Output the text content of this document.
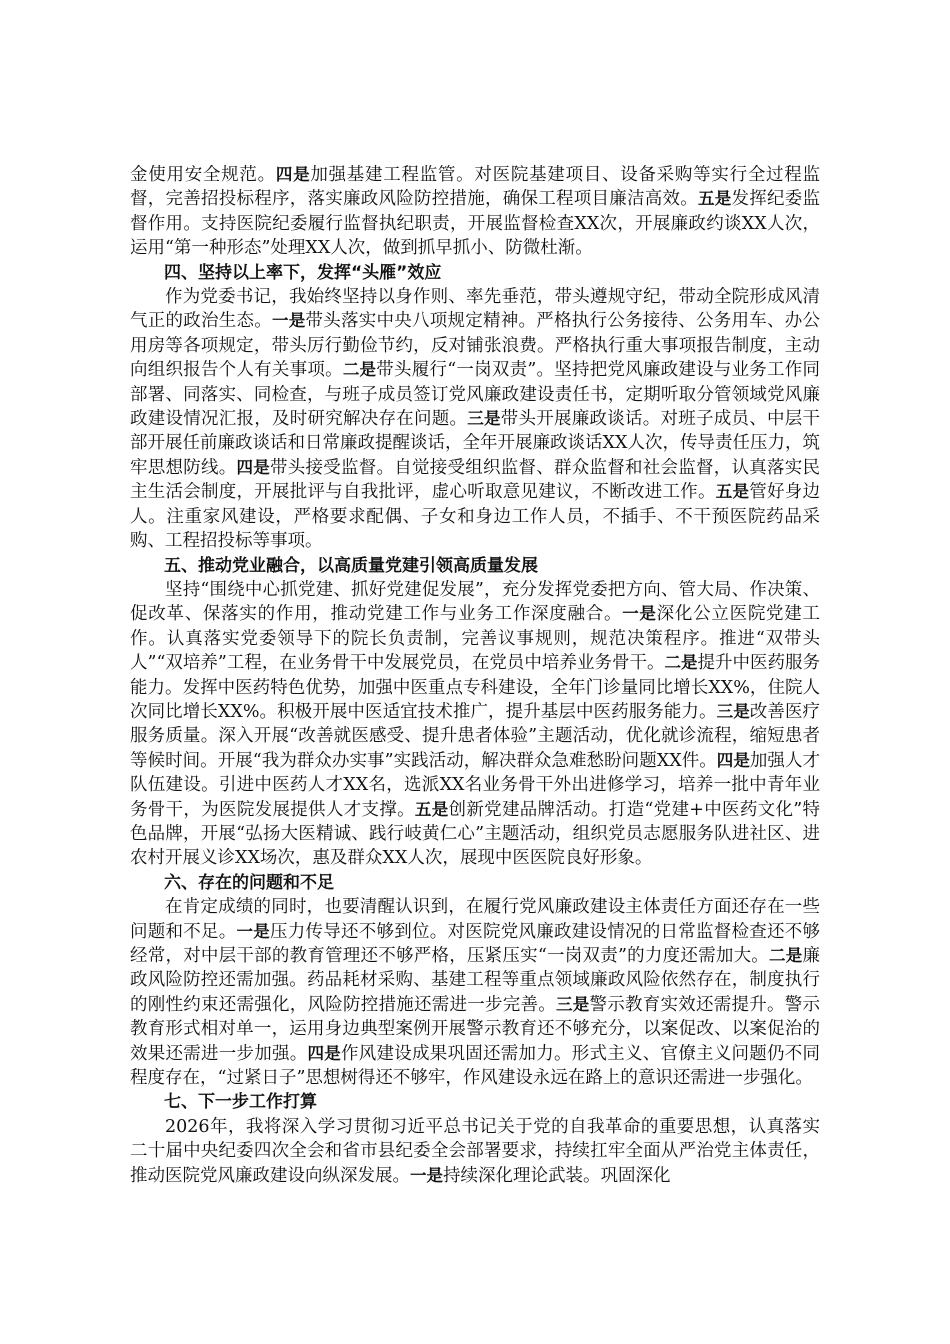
金使用安全规范。四是加强基建工程监管。对医院基建项目、设备采购等实行全过程监督，完善招投标程序，落实廉政风险防控措施，确保工程项目廉洁高效。五是发挥纪委监督作用。支持医院纪委履行监督执纪职责，开展监督检查XX次，开展廉政约谈XX人次，运用“第一种形态”处理XX人次，做到抓早抓小、防微杜渐。

四、坚持以上率下，发挥“头雁”效应

作为党委书记，我始终坚持以身作则、率先垂范，带头遵规守纪，带动全院形成风清气正的政治生态。一是带头落实中央八项规定精神。严格执行公务接待、公务用车、办公用房等各项规定，带头厉行勤俭节约，反对铺张浪费。严格执行重大事项报告制度，主动向组织报告个人有关事项。二是带头履行“一岗双责”。坚持把党风廉政建设与业务工作同部署、同落实、同检查，与班子成员签订党风廉政建设责任书，定期听取分管领域党风廉政建设情况汇报，及时研究解决存在问题。三是带头开展廉政谈话。对班子成员、中层干部开展任前廉政谈话和日常廉政提醒谈话，全年开展廉政谈话XX人次，传导责任压力，筑牢思想防线。四是带头接受监督。自觉接受组织监督、群众监督和社会监督，认真落实民主生活会制度，开展批评与自我批评，虚心听取意见建议，不断改进工作。五是管好身边人。注重家风建设，严格要求配偶、子女和身边工作人员，不插手、不干预医院药品采购、工程招投标等事项。

五、推动党业融合，以高质量党建引领高质量发展

坚持“围绕中心抓党建、抓好党建促发展”，充分发挥党委把方向、管大局、作决策、促改革、保落实的作用，推动党建工作与业务工作深度融合。一是深化公立医院党建工作。认真落实党委领导下的院长负责制，完善议事规则，规范决策程序。推进“双带头人”“双培养”工程，在业务骨干中发展党员，在党员中培养业务骨干。二是提升中医药服务能力。发挥中医药特色优势，加强中医重点专科建设，全年门诊量同比增长XX%，住院人次同比增长XX%。积极开展中医适宜技术推广，提升基层中医药服务能力。三是改善医疗服务质量。深入开展“改善就医感受、提升患者体验”主题活动，优化就诊流程，缩短患者等候时间。开展“我为群众办实事”实践活动，解决群众急难愁盼问题XX件。四是加强人才队伍建设。引进中医药人才XX名，选派XX名业务骨干外出进修学习，培养一批中青年业务骨干，为医院发展提供人才支撑。五是创新党建品牌活动。打造“党建+中医药文化”特色品牌，开展“弘扬大医精诚、践行岐黄仁心”主题活动，组织党员志愿服务队进社区、进农村开展义诊XX场次，惠及群众XX人次，展现中医医院良好形象。

六、存在的问题和不足

在肯定成绩的同时，也要清醒认识到，在履行党风廉政建设主体责任方面还存在一些问题和不足。一是压力传导还不够到位。对医院党风廉政建设情况的日常监督检查还不够经常，对中层干部的教育管理还不够严格，压紧压实“一岗双责”的力度还需加大。二是廉政风险防控还需加强。药品耗材采购、基建工程等重点领域廉政风险依然存在，制度执行的刚性约束还需强化，风险防控措施还需进一步完善。三是警示教育实效还需提升。警示教育形式相对单一，运用身边典型案例开展警示教育还不够充分，以案促改、以案促治的效果还需进一步加强。四是作风建设成果巩固还需加力。形式主义、官僚主义问题仍不同程度存在，“过紧日子”思想树得还不够牢，作风建设永远在路上的意识还需进一步强化。

七、下一步工作打算

2026年，我将深入学习贯彻习近平总书记关于党的自我革命的重要思想，认真落实二十届中央纪委四次全会和省市县纪委全会部署要求，持续扛牢全面从严治党主体责任，推动医院党风廉政建设向纵深发展。一是持续深化理论武装。巩固深化
